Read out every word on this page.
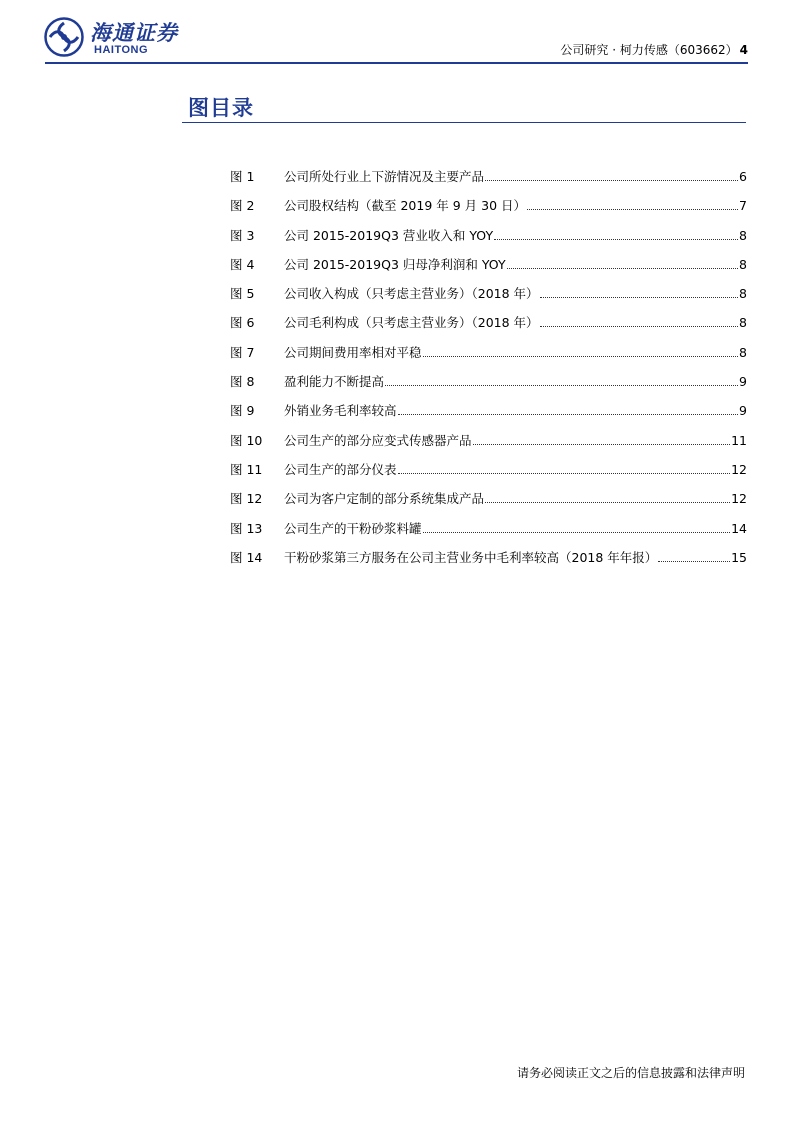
海通证券
HAITONG	公司研究 · 柯力传感（603662） 4
图目录
图 1	公司所处行业上下游情况及主要产品	6
图 2	公司股权结构（截至 2019 年 9 月 30 日）	7
图 3	公司 2015-2019Q3 营业收入和 YOY	8
图 4	公司 2015-2019Q3 归母净利润和 YOY	8
图 5	公司收入构成（只考虑主营业务）（2018 年）	8
图 6	公司毛利构成（只考虑主营业务）（2018 年）	8
图 7	公司期间费用率相对平稳	8
图 8	盈利能力不断提高	9
图 9	外销业务毛利率较高	9
图 10	公司生产的部分应变式传感器产品	11
图 11	公司生产的部分仪表	12
图 12	公司为客户定制的部分系统集成产品	12
图 13	公司生产的干粉砂浆料罐	14
图 14	干粉砂浆第三方服务在公司主营业务中毛利率较高（2018 年年报）	15
请务必阅读正文之后的信息披露和法律声明
